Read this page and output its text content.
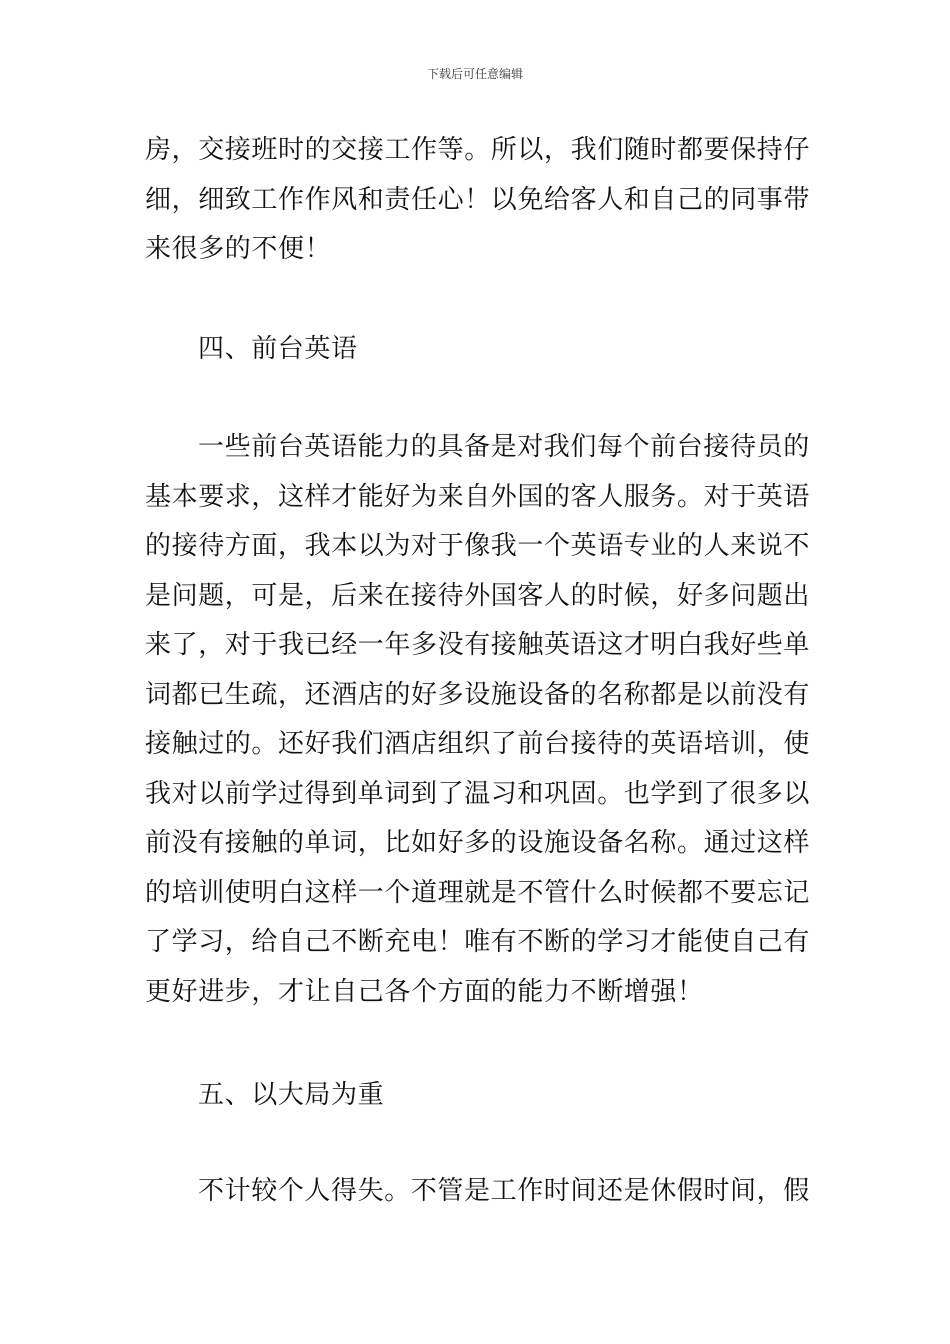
下载后可任意编辑
房，交接班时的交接工作等。所以，我们随时都要保持仔
细，细致工作作风和责任心！以免给客人和自己的同事带
来很多的不便！
四、前台英语
一些前台英语能力的具备是对我们每个前台接待员的
基本要求，这样才能好为来自外国的客人服务。对于英语
的接待方面，我本以为对于像我一个英语专业的人来说不
是问题，可是，后来在接待外国客人的时候，好多问题出
来了，对于我已经一年多没有接触英语这才明白我好些单
词都已生疏，还酒店的好多设施设备的名称都是以前没有
接触过的。还好我们酒店组织了前台接待的英语培训，使
我对以前学过得到单词到了温习和巩固。也学到了很多以
前没有接触的单词，比如好多的设施设备名称。通过这样
的培训使明白这样一个道理就是不管什么时候都不要忘记
了学习，给自己不断充电！唯有不断的学习才能使自己有
更好进步，才让自己各个方面的能力不断增强！
五、以大局为重
不计较个人得失。不管是工作时间还是休假时间，假
